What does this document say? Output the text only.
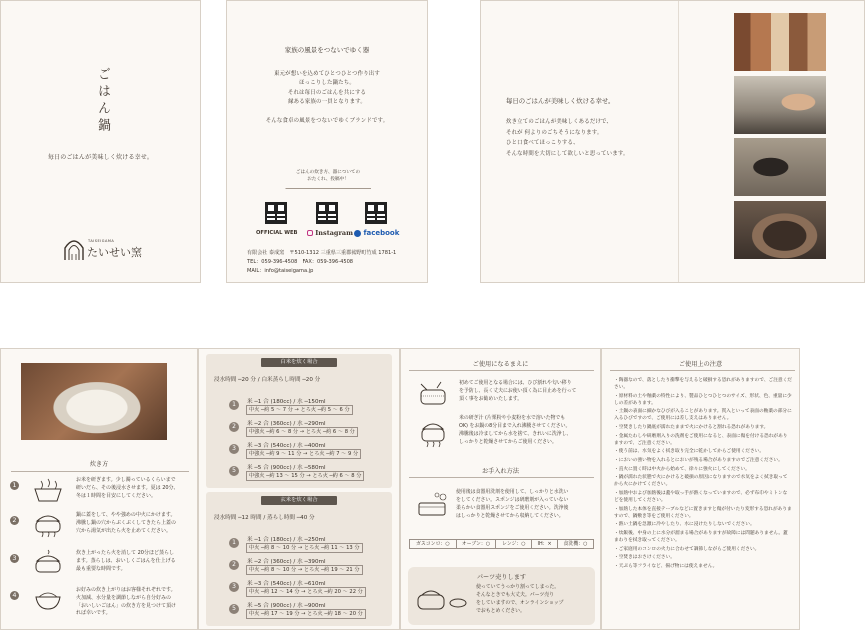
ごはん鍋
毎日のごはんが美味しく炊ける幸せ。
TAISEIGAMA
たいせい窯
家族の風景をつないでゆく器
東元が想いを込めてひとつひとつ作り出す
ほっこりした鍋たち。
それは毎日のごはんを共にする
縁ある家族の一員となります。
そんな食卓の風景をつないでゆくブランドです。
ごはんの炊き方、器についての
おたくれ、投稿中！
OFFICIAL WEB	Instagram	facebook
有限会社 泰成窯　〒510-1312 三重県三重郡菰野町竹成 1781-1
TEL：059-396-4508　FAX：059-396-4508
MAIL：info@taiseigama.jp
毎日のごはんが美味しく炊ける幸せ。
炊き立てのごはんが美味しくあるだけで、
それが 何よりのごちそうになります。
ひと口食べてほっこりする、
そんな時間を大切にして欲しいと思っています。
炊き方
1
お米を研ぎます。少し濁っているくらいまで
研いだら、その後浸水させます。夏は 20分、
冬は１時間を目安にしてください。
2
鍋に蓋をして、やや強めの中火にかけます。
沸騰し鍋の穴からぶくぶくしてきたら上蓋の
穴から湯気が出たら火を止めてください。
3
炊き上がったら火を消して 20分ほど蒸らし
ます。蒸らしは、おいしくごはんを仕上げる
最も重要な時間です。
4
お好みの炊き上がりはお客様それぞれです。
火加減、水分量を調節しながら自分好みの
「おいしいごはん」の炊き方を見つけて頂け
れば幸いです。
白米を炊く場合
浸水時間 ─20 分 / 白米蒸らし時間 ─20 分
玄米を炊く場合
浸水時間 ─12 時間 / 蒸らし時間 ─40 分
1	米 ─1 合 (180cc) / 水 ─150ml
中火 ─約 5 ～ 7 分 → とろ火 ─約 5 ～ 6 分
2	米 ─2 合 (360cc) / 水 ─290ml
中強火 ─約 6 ～ 8 分 → とろ火 ─約 6 ～ 8 分
3	米 ─3 合 (540cc) / 水 ─400ml
中強火 ─約 9 ～ 11 分 → とろ火 ─約 7 ～ 9 分
5	米 ─5 合 (900cc) / 水 ─580ml
中強火 ─約 13 ～ 15 分 → とろ火 ─約 6 ～ 8 分
1	米 ─1 合 (180cc) / 水 ─250ml
中火 ─約 8 ～ 10 分 → とろ火 ─約 11 ～ 13 分
2	米 ─2 合 (360cc) / 水 ─390ml
中火 ─約 8 ～ 10 分 → とろ火 ─約 19 ～ 21 分
3	米 ─3 合 (540cc) / 水 ─610ml
中火 ─約 12 ～ 14 分 → とろ火 ─約 20 ～ 22 分
5	米 ─5 合 (900cc) / 水 ─900ml
中火 ─約 17 ～ 19 分 → とろ火 ─約 18 ～ 20 分
ご使用になるまえに
初めてご使用となる場合には、ひび割れや匂い移り
を予防し、長く丈夫にお使い頂く為に目止めを行って
頂く事をお勧めいたします。
米の研ぎ汁 (片栗粉や小麦粉を水で溶いた物でも
OK) をお鍋の8分目まで入れ沸騰させてください。
沸騰後は冷ましてから水を捨て、きれいに洗浄し、
しっかりと乾燥させてからご使用ください。
お手入れ方法
使用後は食器用洗剤を使用して、しっかりと水洗い
をしてください。スポンジは研磨剤が入っていない
柔らかい食器用スポンジをご使用ください。洗浄後
はしっかりと乾燥させてから収納してください。
ガスコンロ：○	オーブン：○	レンジ：○	IH：×	食洗機：○
パーツ売りします
使っていてうっかり割ってしまった。
そんなときでも大丈夫。パーツ売り
をしていますので、オンラインショップ
でおもとめください。
ご使用上の注意
・陶器なので、落としたり衝撃を与えると破損する恐れがありますので、ご注意ください。
・原材料の土や釉薬の特性により、製品ひとつひとつのサイズ、形状、色、重量に少しの差があります。
・土鍋の表面に細かなひびが入ることがあります。貫入といって表面の釉薬の部分に入るひびですので、ご使用には差し支えはありません。
・空焚きしたり鍋底が濡れたままで火にかけると割れる恐れがあります。
・金属たわしや研磨剤入りの洗剤をご使用になると、表面に傷を付ける恐れがありますので、ご注意ください。
・使う前は、水気をよく拭き取り完全に乾かしてからご使用ください。
・においの強い物を入れるとにおいが残る場合がありますのでご注意ください。
・直火に置く時は中火から始めて、徐々に強火にしてください。
・鍋が濡れた状態で火にかけると破損の原因になりますので水気をよく拭き取ってから火にかけてください。
・加熱中および加熱後は蓋や取っ手が熱くなっていますので、必ず布巾やミトンなどを使用してください。
・加熱した本体を直接テーブルなどに置きますと傷が付いたり変形する恐れがありますので、鍋敷き等をご使用ください。
・熱い土鍋を急激に冷やしたり、水に浸けたりしないでください。
・炊飯後、中身の上に水分が溜まる場合がありますが故障には問題ありません。蓋まわりを拭き取ってください。
・ご家庭用のコンロの火力に合わせて調節しながらご使用ください。
・空焚きはおさけください。
・天ぷら等フライなど、揚げ物には使えません。
